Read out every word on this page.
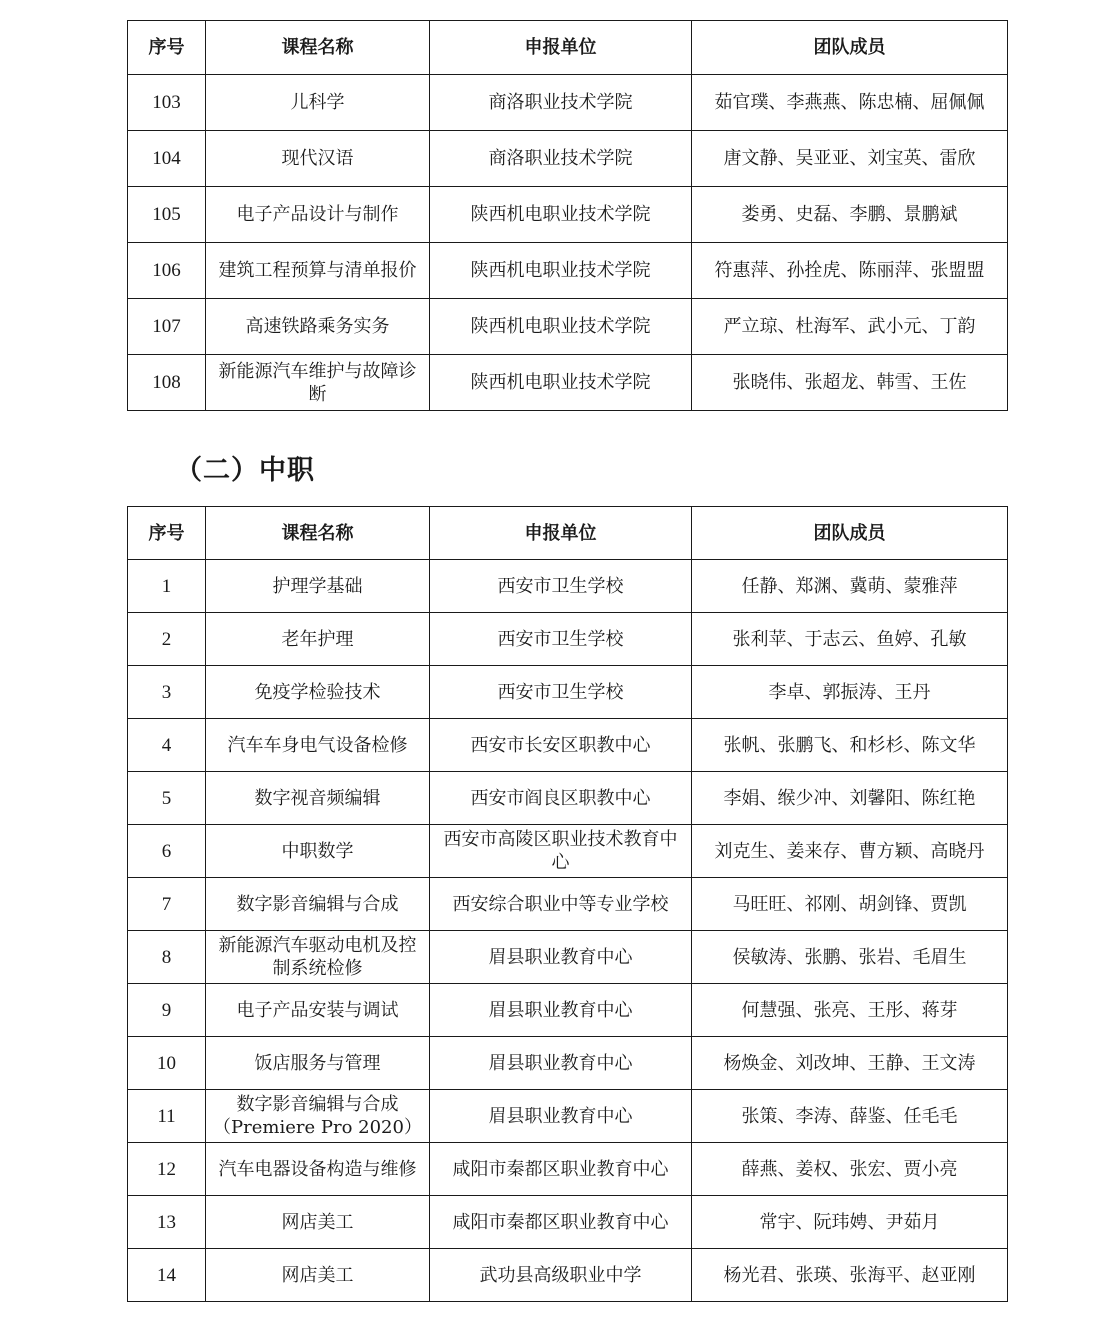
序号	课程名称	申报单位	团队成员
103	儿科学	商洛职业技术学院	茹官璞、李燕燕、陈忠楠、屈佩佩
104	现代汉语	商洛职业技术学院	唐文静、吴亚亚、刘宝英、雷欣
105	电子产品设计与制作	陕西机电职业技术学院	娄勇、史磊、李鹏、景鹏斌
106	建筑工程预算与清单报价	陕西机电职业技术学院	符惠萍、孙拴虎、陈丽萍、张盟盟
107	高速铁路乘务实务	陕西机电职业技术学院	严立琼、杜海军、武小元、丁韵
108	新能源汽车维护与故障诊断	陕西机电职业技术学院	张晓伟、张超龙、韩雪、王佐
（二）中职
序号	课程名称	申报单位	团队成员
1	护理学基础	西安市卫生学校	任静、郑渊、冀萌、蒙雅萍
2	老年护理	西安市卫生学校	张利苹、于志云、鱼婷、孔敏
3	免疫学检验技术	西安市卫生学校	李卓、郭振涛、王丹
4	汽车车身电气设备检修	西安市长安区职教中心	张帆、张鹏飞、和杉杉、陈文华
5	数字视音频编辑	西安市阎良区职教中心	李娟、缑少冲、刘馨阳、陈红艳
6	中职数学	西安市高陵区职业技术教育中心	刘克生、姜来存、曹方颖、高晓丹
7	数字影音编辑与合成	西安综合职业中等专业学校	马旺旺、祁刚、胡剑锋、贾凯
8	新能源汽车驱动电机及控制系统检修	眉县职业教育中心	侯敏涛、张鹏、张岩、毛眉生
9	电子产品安装与调试	眉县职业教育中心	何慧强、张亮、王彤、蒋芽
10	饭店服务与管理	眉县职业教育中心	杨焕金、刘改坤、王静、王文涛
11	数字影音编辑与合成（Premiere Pro 2020）	眉县职业教育中心	张策、李涛、薛鉴、任毛毛
12	汽车电器设备构造与维修	咸阳市秦都区职业教育中心	薛燕、姜权、张宏、贾小亮
13	网店美工	咸阳市秦都区职业教育中心	常宇、阮玮娉、尹茹月
14	网店美工	武功县高级职业中学	杨光君、张瑛、张海平、赵亚刚
